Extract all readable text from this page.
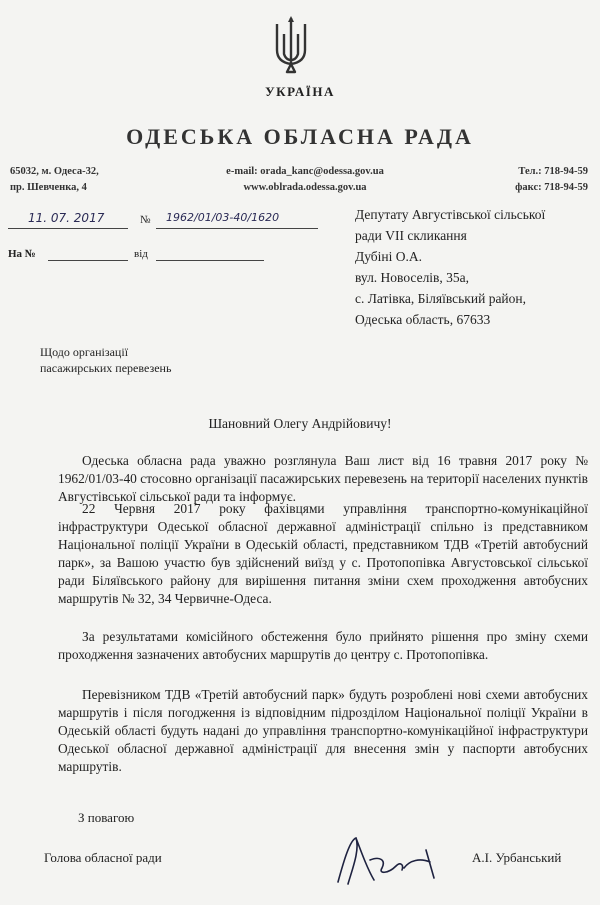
УКРАЇНА
ОДЕСЬКА ОБЛАСНА РАДА
65032, м. Одеса-32,
пр. Шевченка, 4
e-mail: orada_kanc@odessa.gov.ua
www.oblrada.odessa.gov.ua
Тел.: 718-94-59
факс: 718-94-59
11. 07. 2017	№ 1962/01/03-40/1620
На №	від
Депутату Августівської сільської
ради VII скликання
Дубіні О.А.
вул. Новоселів, 35а,
с. Латівка, Біляївський район,
Одеська область, 67633
Щодо організації
пасажирських перевезень
Шановний Олегу Андрійовичу!
Одеська обласна рада уважно розглянула Ваш лист від 16 травня 2017 року № 1962/01/03-40 стосовно організації пасажирських перевезень на території населених пунктів Августівської сільської ради та інформує.
22 Червня 2017 року фахівцями управління транспортно-комунікаційної інфраструктури Одеської обласної державної адміністрації спільно із представником Національної поліції України в Одеській області, представником ТДВ «Третій автобусний парк», за Вашою участю був здійснений виїзд у с. Протопопівка Августовської сільської ради Біляївського району для вирішення питання зміни схем проходження автобусних маршрутів № 32, 34 Червичне-Одеса.
За результатами комісійного обстеження було прийнято рішення про зміну схеми проходження зазначених автобусних маршрутів до центру с. Протопопівка.
Перевізником ТДВ «Третій автобусний парк» будуть розроблені нові схеми автобусних маршрутів і після погодження із відповідним підрозділом Національної поліції України в Одеській області будуть надані до управління транспортно-комунікаційної інфраструктури Одеської обласної державної адміністрації для внесення змін у паспорти автобусних маршрутів.
З повагою
Голова обласної ради	А.І. Урбанський
